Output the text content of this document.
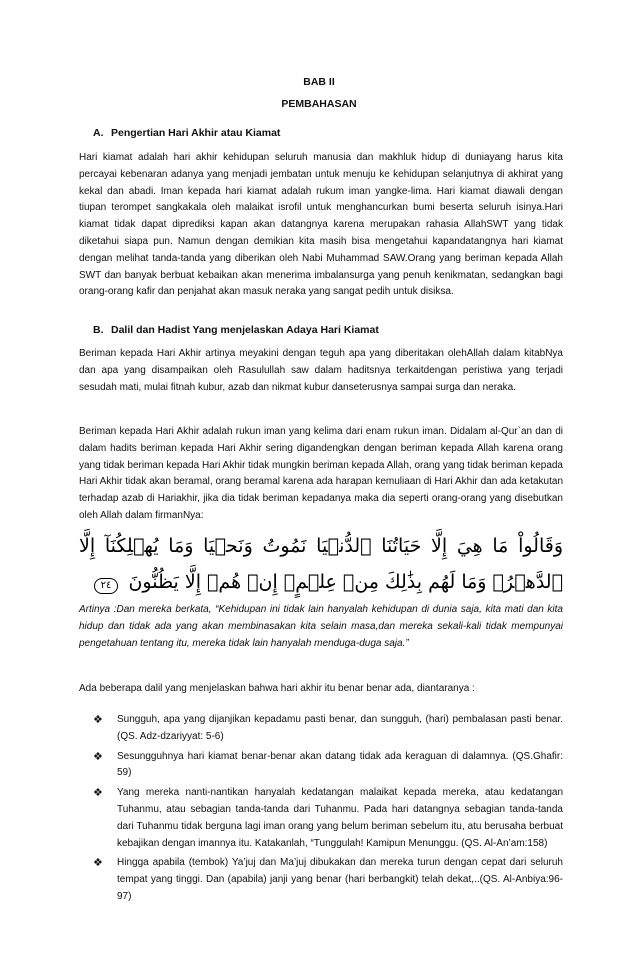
BAB II
PEMBAHASAN
A. Pengertian Hari Akhir atau Kiamat
Hari kiamat adalah hari akhir kehidupan seluruh manusia dan makhluk hidup di duniayang harus kita percayai kebenaran adanya yang menjadi jembatan untuk menuju ke kehidupan selanjutnya di akhirat yang kekal dan abadi. Iman kepada hari kiamat adalah rukum iman yangke-lima. Hari kiamat diawali dengan tiupan terompet sangkakala oleh malaikat isrofil untuk menghancurkan bumi beserta seluruh isinya.Hari kiamat tidak dapat diprediksi kapan akan datangnya karena merupakan rahasia AllahSWT yang tidak diketahui siapa pun. Namun dengan demikian kita masih bisa mengetahui kapandatangnya hari kiamat dengan melihat tanda-tanda yang diberikan oleh Nabi Muhammad SAW.Orang yang beriman kepada Allah SWT dan banyak berbuat kebaikan akan menerima imbalansurga yang penuh kenikmatan, sedangkan bagi orang-orang kafir dan penjahat akan masuk neraka yang sangat pedih untuk disiksa.
B. Dalil dan Hadist Yang menjelaskan Adaya Hari Kiamat
Beriman kepada Hari Akhir artinya meyakini dengan teguh apa yang diberitakan olehAllah dalam kitabNya dan apa yang disampaikan oleh Rasulullah saw dalam haditsnya terkaitdengan peristiwa yang terjadi sesudah mati, mulai fitnah kubur, azab dan nikmat kubur danseterusnya sampai surga dan neraka.
Beriman kepada Hari Akhir adalah rukun iman yang kelima dari enam rukun iman. Didalam al-Qur`an dan di dalam hadits beriman kepada Hari Akhir sering digandengkan dengan beriman kepada Allah karena orang yang tidak beriman kepada Hari Akhir tidak mungkin beriman kepada Allah, orang yang tidak beriman kepada Hari Akhir tidak akan beramal, orang beramal karena ada harapan kemuliaan di Hari Akhir dan ada ketakutan terhadap azab di Hariakhir, jika dia tidak beriman kepadanya maka dia seperti orang-orang yang disebutkan oleh Allah dalam firmanNya:
وَقَالُواْ مَا هِيَ إِلَّا حَيَاتُنَا ٱلدُّنۡيَا نَمُوتُ وَنَحۡيَا وَمَا يُهۡلِكُنَآ إِلَّا ٱلدَّهۡرُۚ وَمَا لَهُم بِذَٰلِكَ مِنۡ عِلۡمٍۖ إِنۡ هُمۡ إِلَّا يَظُنُّونَ ٢٤
Artinya :Dan mereka berkata, “Kehidupan ini tidak lain hanyalah kehidupan di dunia saja, kita mati dan kita hidup dan tidak ada yang akan membinasakan kita selain masa,dan mereka sekali-kali tidak mempunyai pengetahuan tentang itu, mereka tidak lain hanyalah menduga-duga saja.”
Ada beberapa dalil yang menjelaskan bahwa hari akhir itu benar benar ada, diantaranya :
❖ Sungguh, apa yang dijanjikan kepadamu pasti benar, dan sungguh, (hari) pembalasan pasti benar. (QS. Adz-dzariyyat: 5-6)
❖ Sesungguhnya hari kiamat benar-benar akan datang tidak ada keraguan di dalamnya. (QS.Ghafir: 59)
❖ Yang mereka nanti-nantikan hanyalah kedatangan malaikat kepada mereka, atau kedatangan Tuhanmu, atau sebagian tanda-tanda dari Tuhanmu. Pada hari datangnya sebagian tanda-tanda dari Tuhanmu tidak berguna lagi iman orang yang belum beriman sebelum itu, atu berusaha berbuat kebajikan dengan imannya itu. Katakanlah, “Tunggulah! Kamipun Menunggu. (QS. Al-An’am:158)
❖ Hingga apabila (tembok) Ya’juj dan Ma’juj dibukakan dan mereka turun dengan cepat dari seluruh tempat yang tinggi. Dan (apabila) janji yang benar (hari berbangkit) telah dekat,..(QS. Al-Anbiya:96-97)
